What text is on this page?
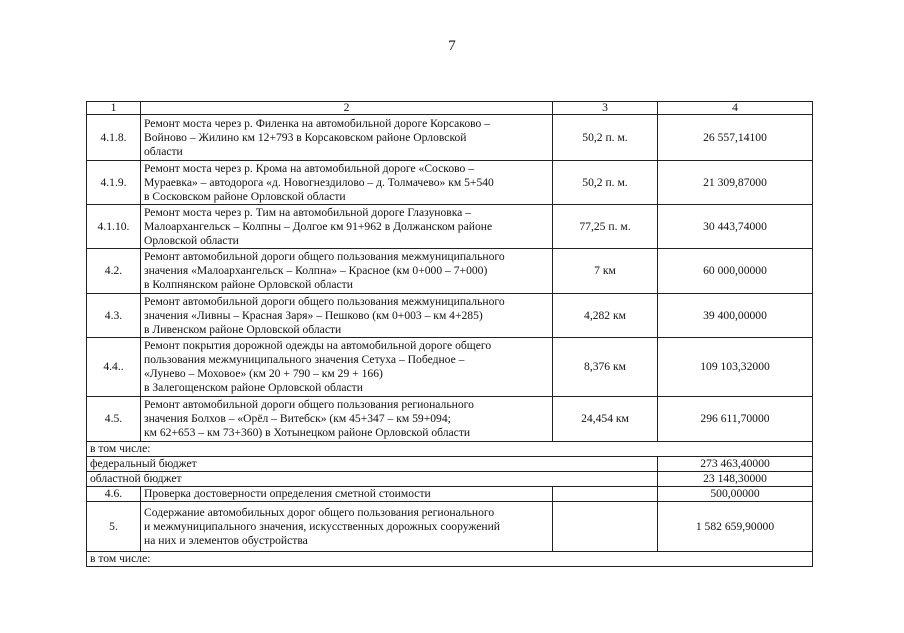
7
1	2	3	4
4.1.8.	Ремонт моста через р. Филенка на автомобильной дороге Корсаково –
Войново – Жилино км 12+793 в Корсаковском районе Орловской
области	50,2 п. м.	26 557,14100
4.1.9.	Ремонт моста через р. Крома на автомобильной дороге «Сосково –
Мураевка» – автодорога «д. Новогнездилово – д. Толмачево» км 5+540
в Сосковском районе Орловской области	50,2 п. м.	21 309,87000
4.1.10.	Ремонт моста через р. Тим на автомобильной дороге Глазуновка –
Малоархангельск – Колпны – Долгое км 91+962 в Должанском районе
Орловской области	77,25 п. м.	30 443,74000
4.2.	Ремонт автомобильной дороги общего пользования межмуниципального
значения «Малоархангельск – Колпна» – Красное (км 0+000 – 7+000)
в Колпнянском районе Орловской области	7 км	60 000,00000
4.3.	Ремонт автомобильной дороги общего пользования межмуниципального
значения «Ливны – Красная Заря» – Пешково (км 0+003 – км 4+285)
в Ливенском районе Орловской области	4,282 км	39 400,00000
4.4..	Ремонт покрытия дорожной одежды на автомобильной дороге общего
пользования межмуниципального значения Сетуха – Победное –
«Лунево – Моховое» (км 20 + 790 – км 29 + 166)
в Залегощенском районе Орловской области	8,376 км	109 103,32000
4.5.	Ремонт автомобильной дороги общего пользования регионального
значения Болхов – «Орёл – Витебск» (км 45+347 – км 59+094;
км 62+653 – км 73+360) в Хотынецком районе Орловской области	24,454 км	296 611,70000
в том числе:			
федеральный бюджет			273 463,40000
областной бюджет			23 148,30000
4.6.	Проверка достоверности определения сметной стоимости		500,00000
5.	Содержание автомобильных дорог общего пользования регионального
и межмуниципального значения, искусственных дорожных сооружений
на них и элементов обустройства		1 582 659,90000
в том числе:			
